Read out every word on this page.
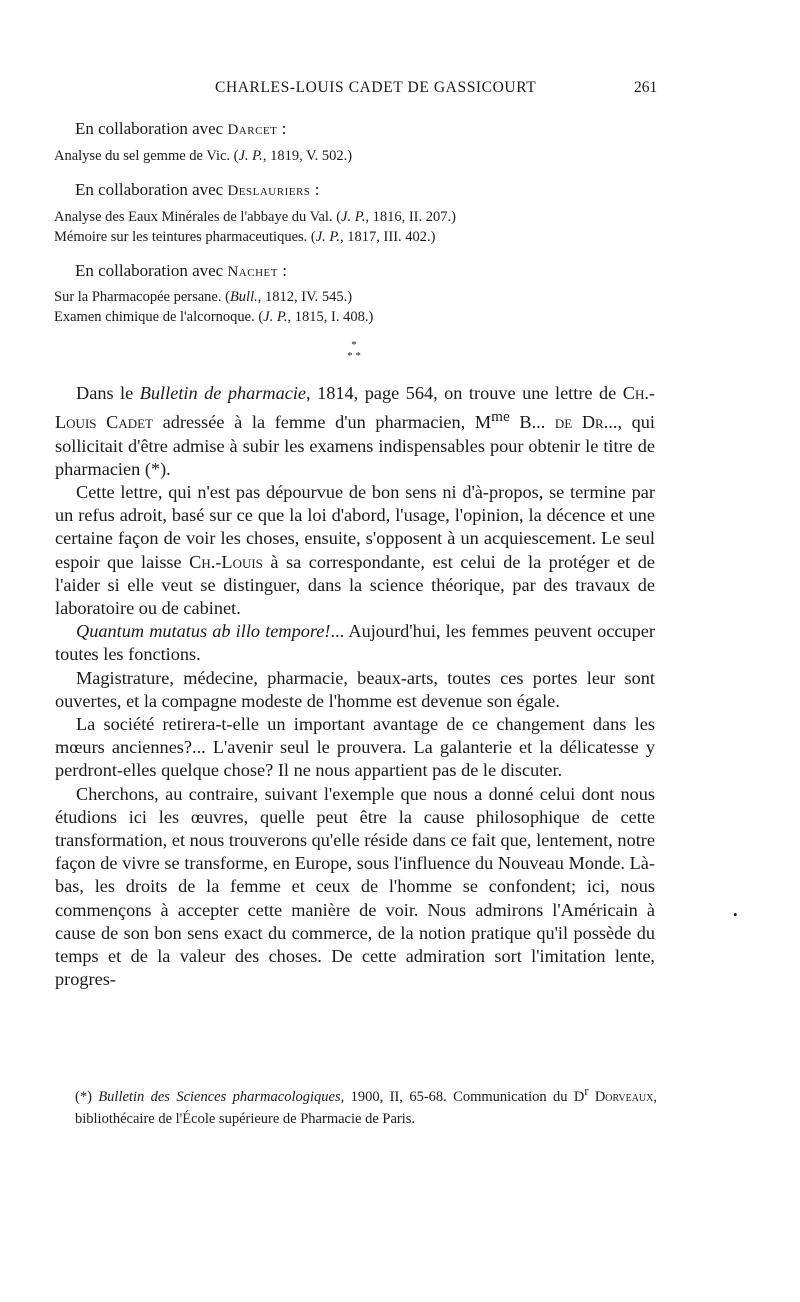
CHARLES-LOUIS CADET DE GASSICOURT	261
En collaboration avec Darcet :
Analyse du sel gemme de Vic. (J. P., 1819, V. 502.)
En collaboration avec Deslauriers :
Analyse des Eaux Minérales de l'abbaye du Val. (J. P., 1816, II. 207.)
Mémoire sur les teintures pharmaceutiques. (J. P., 1817, III. 402.)
En collaboration avec Nachet :
Sur la Pharmacopée persane. (Bull., 1812, IV. 545.)
Examen chimique de l'alcornoque. (J. P., 1815, I. 408.)
*
* *

Dans le Bulletin de pharmacie, 1814, page 564, on trouve une lettre de Ch.-Louis Cadet adressée à la femme d'un pharmacien, $M^{me}$ B... de Dr..., qui sollicitait d'être admise à subir les examens indispensables pour obtenir le titre de pharmacien (*).

Cette lettre, qui n'est pas dépourvue de bon sens ni d'à-propos, se termine par un refus adroit, basé sur ce que la loi d'abord, l'usage, l'opinion, la décence et une certaine façon de voir les choses, ensuite, s'opposent à un acquiescement. Le seul espoir que laisse Ch.-Louis à sa correspondante, est celui de la protéger et de l'aider si elle veut se distinguer, dans la science théorique, par des travaux de laboratoire ou de cabinet.

Quantum mutatus ab illo tempore!... Aujourd'hui, les femmes peuvent occuper toutes les fonctions.

Magistrature, médecine, pharmacie, beaux-arts, toutes ces portes leur sont ouvertes, et la compagne modeste de l'homme est devenue son égale.

La société retirera-t-elle un important avantage de ce changement dans les mœurs anciennes?... L'avenir seul le prouvera. La galanterie et la délicatesse y perdront-elles quelque chose? Il ne nous appartient pas de le discuter.

Cherchons, au contraire, suivant l'exemple que nous a donné celui dont nous étudions ici les œuvres, quelle peut être la cause philosophique de cette transformation, et nous trouverons qu'elle réside dans ce fait que, lentement, notre façon de vivre se transforme, en Europe, sous l'influence du Nouveau Monde. Là-bas, les droits de la femme et ceux de l'homme se confondent; ici, nous commençons à accepter cette manière de voir. Nous admirons l'Américain à cause de son bon sens exact du commerce, de la notion pratique qu'il possède du temps et de la valeur des choses. De cette admiration sort l'imitation lente, progres-

•
(*) Bulletin des Sciences pharmacologiques, 1900, II, 65-68. Communication du $D^r$ Dorveaux, bibliothécaire de l'École supérieure de Pharmacie de Paris.
